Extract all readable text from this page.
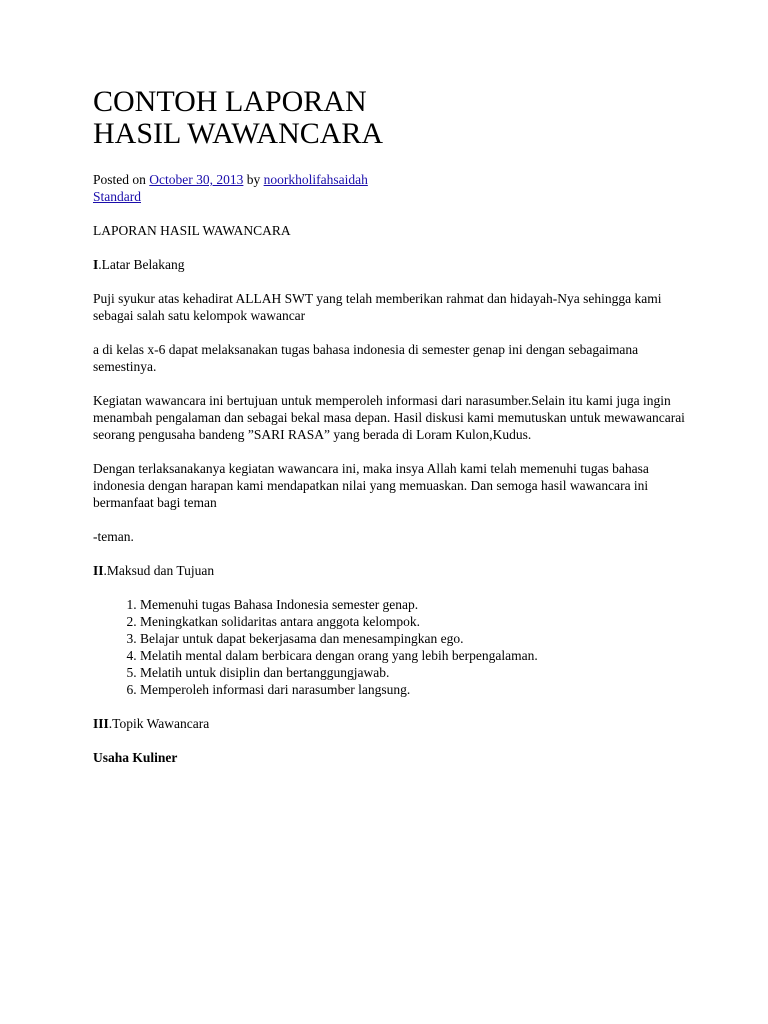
CONTOH LAPORAN
HASIL WAWANCARA
Posted on October 30, 2013 by noorkholifahsaidah
Standard

LAPORAN HASIL WAWANCARA

I.Latar Belakang

Puji syukur atas kehadirat ALLAH SWT yang telah memberikan rahmat dan hidayah-Nya sehingga kami sebagai salah satu kelompok wawancar

a di kelas x-6 dapat melaksanakan tugas bahasa indonesia di semester genap ini dengan sebagaimana semestinya.

Kegiatan wawancara ini bertujuan untuk memperoleh informasi dari narasumber.Selain itu kami juga ingin menambah pengalaman dan sebagai bekal masa depan. Hasil diskusi kami memutuskan untuk mewawancarai seorang pengusaha bandeng ”SARI RASA” yang berada di Loram Kulon,Kudus.

Dengan terlaksanakanya kegiatan wawancara ini, maka insya Allah kami telah memenuhi tugas bahasa indonesia dengan harapan kami mendapatkan nilai yang memuaskan. Dan semoga hasil wawancara ini bermanfaat bagi teman

-teman.

II.Maksud dan Tujuan

1. Memenuhi tugas Bahasa Indonesia semester genap.
2. Meningkatkan solidaritas antara anggota kelompok.
3. Belajar untuk dapat bekerjasama dan menesampingkan ego.
4. Melatih mental dalam berbicara dengan orang yang lebih berpengalaman.
5. Melatih untuk disiplin dan bertanggungjawab.
6. Memperoleh informasi dari narasumber langsung.

III.Topik Wawancara

Usaha Kuliner
